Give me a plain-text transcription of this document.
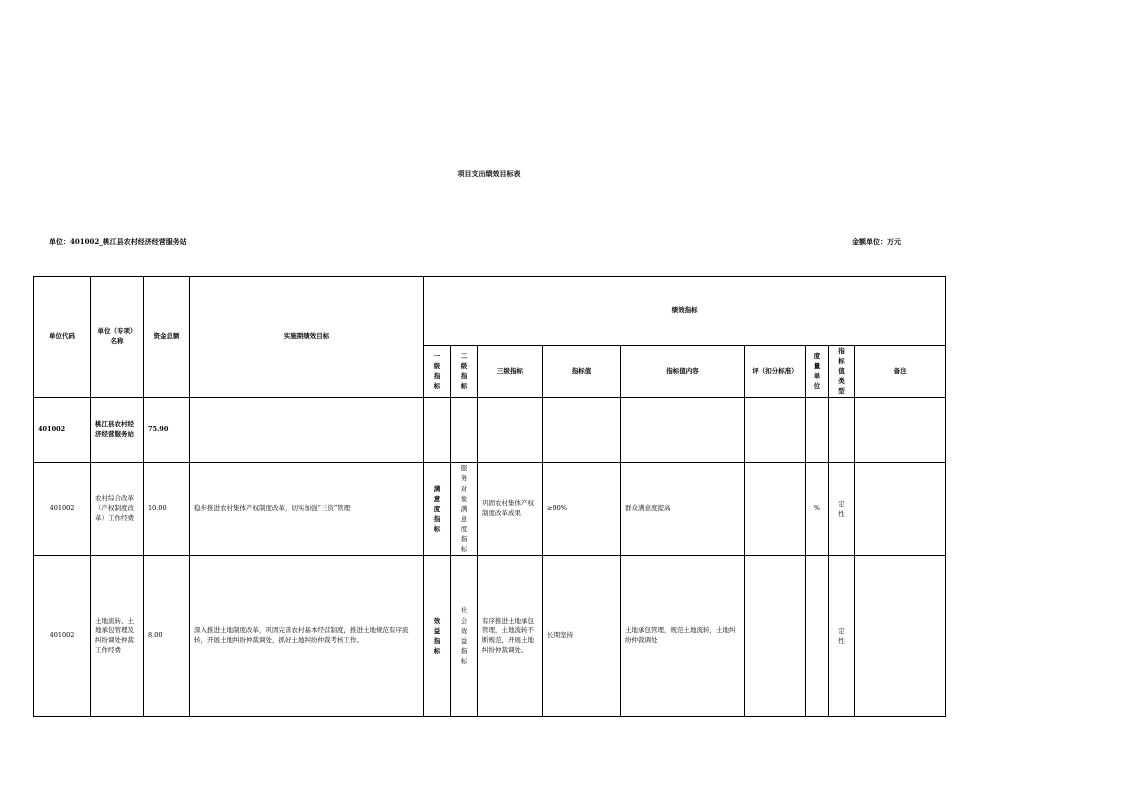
项目支出绩效目标表
单位：401002_桃江县农村经济经营服务站	金额单位：万元
单位代码	单位（专项）名称	资金总额	实施期绩效目标	绩效指标								
				一级指标	二级指标	三级指标	指标值	指标值内容	评（扣分标准）	度量单位	指标值类型	备注
401002	桃江县农村经济经营服务站	75.90										
401002	农村综合改革（产权制度改革）工作经费	10.00	稳步推进农村集体产权制度改革，切实加强“三资”管理	满意度指标	服务对象满意度指标	巩固农村集体产权制度改革成果	≥90%	群众满意度提高		%	定性	
401002	土地流转、土地承包管理及纠纷调处仲裁工作经费	8.00	深入推进土地制度改革，巩固完善农村基本经营制度，推进土地规范有序流转，开展土地纠纷仲裁调处，抓好土地纠纷仲裁考核工作。	效益指标	社会效益指标	有序推进土地承包管理，土地流转不断规范，开展土地纠纷仲裁调处。	长期坚持	土地承包管理，规范土地流转，土地纠纷仲裁调处			定性	
